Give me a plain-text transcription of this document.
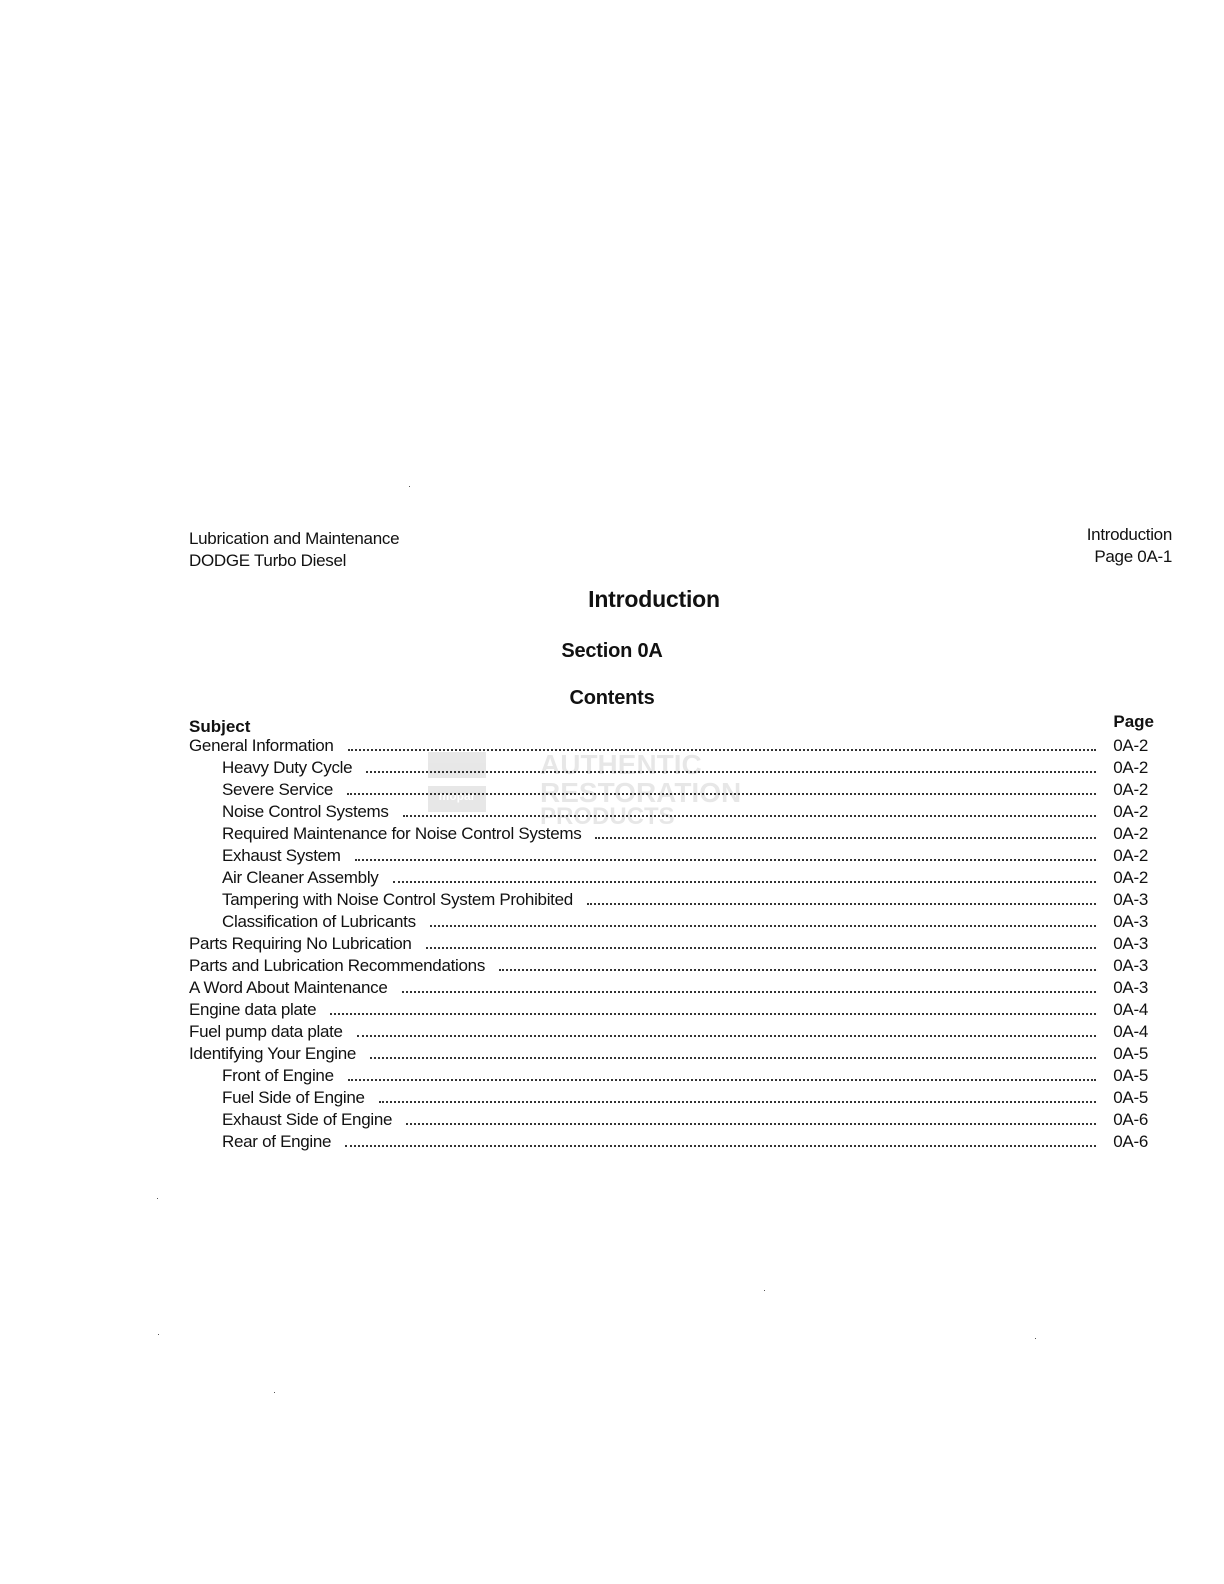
Lubrication and Maintenance
DODGE Turbo Diesel
Introduction
Page 0A-1
Introduction
Section 0A
Contents
mopar
AUTHENTIC
RESTORATION
PRODUCTS
Subject	Page
General Information	0A-2
Heavy Duty Cycle	0A-2
Severe Service	0A-2
Noise Control Systems	0A-2
Required Maintenance for Noise Control Systems	0A-2
Exhaust System	0A-2
Air Cleaner Assembly	0A-2
Tampering with Noise Control System Prohibited	0A-3
Classification of Lubricants	0A-3
Parts Requiring No Lubrication	0A-3
Parts and Lubrication Recommendations	0A-3
A Word About Maintenance	0A-3
Engine data plate	0A-4
Fuel pump data plate	0A-4
Identifying Your Engine	0A-5
Front of Engine	0A-5
Fuel Side of Engine	0A-5
Exhaust Side of Engine	0A-6
Rear of Engine	0A-6
